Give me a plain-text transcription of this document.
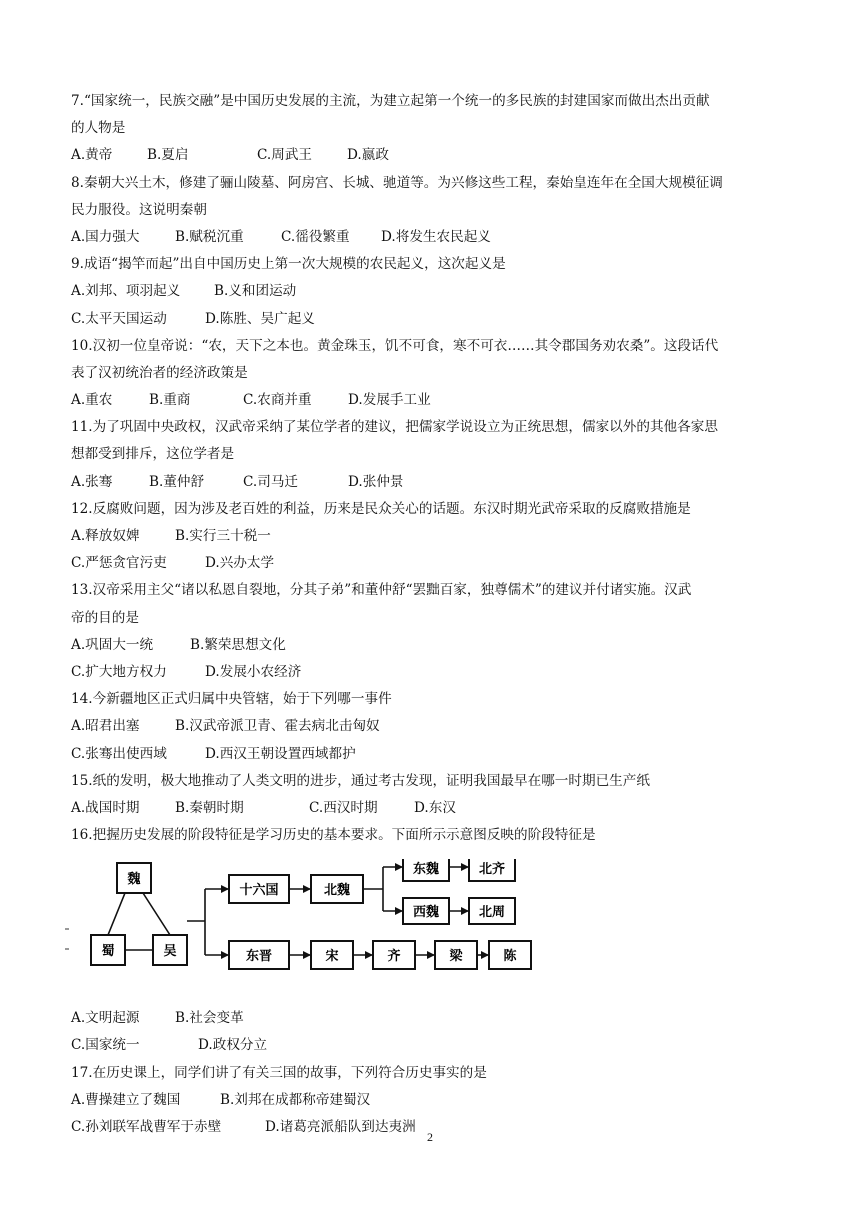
7.“国家统一，民族交融”是中国历史发展的主流，为建立起第一个统一的多民族的封建国家而做出杰出贡献
的人物是
A.黄帝	B.夏启	C.周武王	D.嬴政
8.秦朝大兴土木，修建了骊山陵墓、阿房宫、长城、驰道等。为兴修这些工程，秦始皇连年在全国大规模征调
民力服役。这说明秦朝
A.国力强大	B.赋税沉重	C.徭役繁重	D.将发生农民起义
9.成语“揭竿而起”出自中国历史上第一次大规模的农民起义，这次起义是
A.刘邦、项羽起义	B.义和团运动
C.太平天国运动	D.陈胜、吴广起义
10.汉初一位皇帝说：“农，天下之本也。黄金珠玉，饥不可食，寒不可衣……其令郡国务劝农桑”。这段话代
表了汉初统治者的经济政策是
A.重农	B.重商	C.农商并重	D.发展手工业
11.为了巩固中央政权，汉武帝采纳了某位学者的建议，把儒家学说设立为正统思想，儒家以外的其他各家思
想都受到排斥，这位学者是
A.张骞	B.董仲舒	C.司马迁	D.张仲景
12.反腐败问题，因为涉及老百姓的利益，历来是民众关心的话题。东汉时期光武帝采取的反腐败措施是
A.释放奴婢	B.实行三十税一
C.严惩贪官污吏	D.兴办太学
13.汉帝采用主父“诸以私恩自裂地，分其子弟”和董仲舒“罢黜百家，独尊儒术”的建议并付诸实施。汉武
帝的目的是
A.巩固大一统	B.繁荣思想文化
C.扩大地方权力	D.发展小农经济
14.今新疆地区正式归属中央管辖，始于下列哪一事件
A.昭君出塞	B.汉武帝派卫青、霍去病北击匈奴
C.张骞出使西域	D.西汉王朝设置西域都护
15.纸的发明，极大地推动了人类文明的进步，通过考古发现，证明我国最早在哪一时期已生产纸
A.战国时期	B.秦朝时期	C.西汉时期	D.东汉
16.把握历史发展的阶段特征是学习历史的基本要求。下面所示示意图反映的阶段特征是
魏
蜀	吴
十六国	北魏
东魏	北齐
西魏	北周
东晋	宋	齐	梁	陈
A.文明起源	B.社会变革
C.国家统一	D.政权分立
17.在历史课上，同学们讲了有关三国的故事，下列符合历史事实的是
A.曹操建立了魏国	B.刘邦在成都称帝建蜀汉
C.孙刘联军战曹军于赤壁	D.诸葛亮派船队到达夷洲
2
